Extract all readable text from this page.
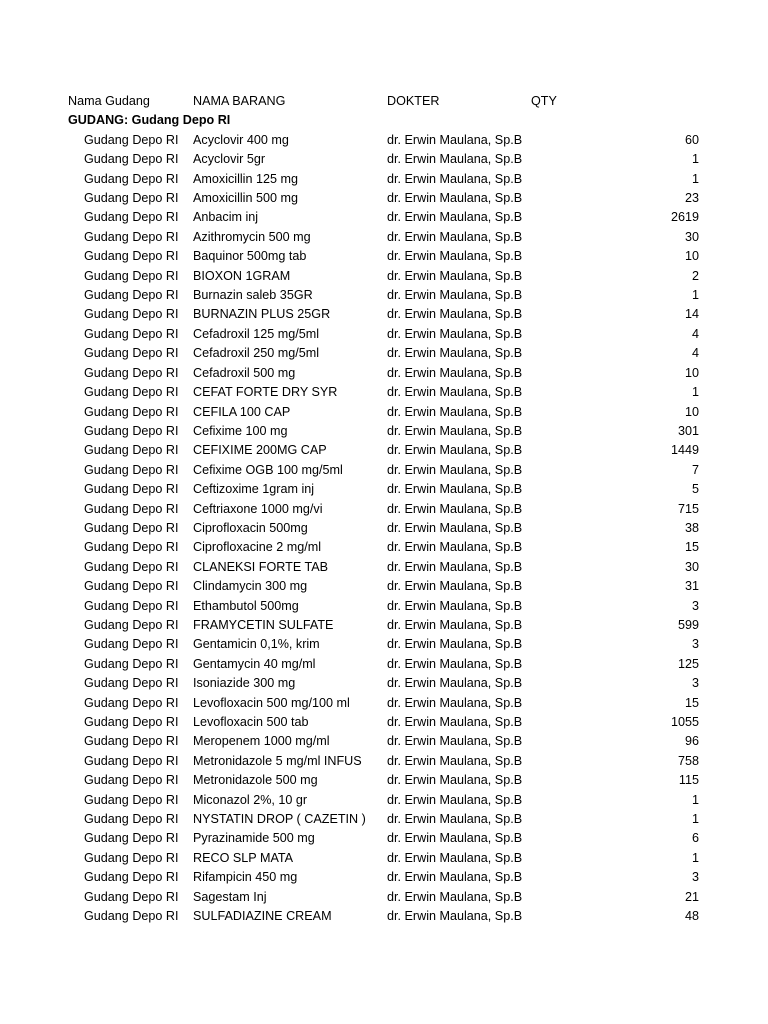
Nama Gudang	NAMA BARANG	DOKTER	QTY
GUDANG: Gudang Depo RI
Gudang Depo RI Acyclovir 400 mg	dr. Erwin Maulana, Sp.B	60
Gudang Depo RI Acyclovir 5gr	dr. Erwin Maulana, Sp.B	1
Gudang Depo RI Amoxicillin 125 mg	dr. Erwin Maulana, Sp.B	1
Gudang Depo RI Amoxicillin 500 mg	dr. Erwin Maulana, Sp.B	23
Gudang Depo RI Anbacim inj	dr. Erwin Maulana, Sp.B	2619
Gudang Depo RI Azithromycin 500 mg	dr. Erwin Maulana, Sp.B	30
Gudang Depo RI Baquinor 500mg tab	dr. Erwin Maulana, Sp.B	10
Gudang Depo RI BIOXON 1GRAM	dr. Erwin Maulana, Sp.B	2
Gudang Depo RI Burnazin saleb 35GR	dr. Erwin Maulana, Sp.B	1
Gudang Depo RI BURNAZIN PLUS 25GR	dr. Erwin Maulana, Sp.B	14
Gudang Depo RI Cefadroxil 125 mg/5ml	dr. Erwin Maulana, Sp.B	4
Gudang Depo RI Cefadroxil 250 mg/5ml	dr. Erwin Maulana, Sp.B	4
Gudang Depo RI Cefadroxil 500 mg	dr. Erwin Maulana, Sp.B	10
Gudang Depo RI CEFAT FORTE DRY SYR	dr. Erwin Maulana, Sp.B	1
Gudang Depo RI CEFILA 100 CAP	dr. Erwin Maulana, Sp.B	10
Gudang Depo RI Cefixime 100 mg	dr. Erwin Maulana, Sp.B	301
Gudang Depo RI CEFIXIME 200MG CAP	dr. Erwin Maulana, Sp.B	1449
Gudang Depo RI Cefixime OGB 100 mg/5ml	dr. Erwin Maulana, Sp.B	7
Gudang Depo RI Ceftizoxime 1gram inj	dr. Erwin Maulana, Sp.B	5
Gudang Depo RI Ceftriaxone 1000 mg/vi	dr. Erwin Maulana, Sp.B	715
Gudang Depo RI Ciprofloxacin 500mg	dr. Erwin Maulana, Sp.B	38
Gudang Depo RI Ciprofloxacine 2 mg/ml	dr. Erwin Maulana, Sp.B	15
Gudang Depo RI CLANEKSI FORTE TAB	dr. Erwin Maulana, Sp.B	30
Gudang Depo RI Clindamycin 300 mg	dr. Erwin Maulana, Sp.B	31
Gudang Depo RI Ethambutol 500mg	dr. Erwin Maulana, Sp.B	3
Gudang Depo RI FRAMYCETIN SULFATE	dr. Erwin Maulana, Sp.B	599
Gudang Depo RI Gentamicin 0,1%, krim	dr. Erwin Maulana, Sp.B	3
Gudang Depo RI Gentamycin 40 mg/ml	dr. Erwin Maulana, Sp.B	125
Gudang Depo RI Isoniazide 300 mg	dr. Erwin Maulana, Sp.B	3
Gudang Depo RI Levofloxacin 500 mg/100 ml	dr. Erwin Maulana, Sp.B	15
Gudang Depo RI Levofloxacin 500 tab	dr. Erwin Maulana, Sp.B	1055
Gudang Depo RI Meropenem 1000 mg/ml	dr. Erwin Maulana, Sp.B	96
Gudang Depo RI Metronidazole 5 mg/ml INFUS dr. Erwin Maulana, Sp.B	758
Gudang Depo RI Metronidazole 500 mg	dr. Erwin Maulana, Sp.B	115
Gudang Depo RI Miconazol 2%, 10 gr	dr. Erwin Maulana, Sp.B	1
Gudang Depo RI NYSTATIN DROP ( CAZETIN ) dr. Erwin Maulana, Sp.B	1
Gudang Depo RI Pyrazinamide 500 mg	dr. Erwin Maulana, Sp.B	6
Gudang Depo RI RECO SLP MATA	dr. Erwin Maulana, Sp.B	1
Gudang Depo RI Rifampicin 450 mg	dr. Erwin Maulana, Sp.B	3
Gudang Depo RI Sagestam Inj	dr. Erwin Maulana, Sp.B	21
Gudang Depo RI SULFADIAZINE CREAM	dr. Erwin Maulana, Sp.B	48
